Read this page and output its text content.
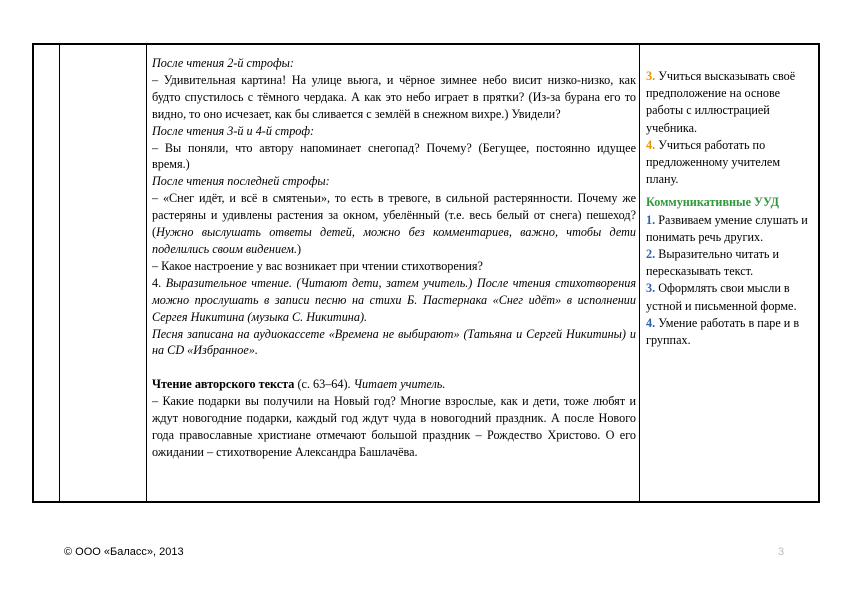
После чтения 2-й строфы:

– Удивительная картина! На улице вьюга, и чёрное зимнее небо висит низко-низко, как будто спустилось с тёмного чердака. А как это небо играет в прятки? (Из-за бурана его то видно, то оно исчезает, как бы сливается с землёй в снежном вихре.) Увидели?

После чтения 3-й и 4-й строф:

– Вы поняли, что автору напоминает снегопад? Почему? (Бегущее, постоянно идущее время.)

После чтения последней строфы:

– «Снег идёт, и всё в смятеньи», то есть в тревоге, в сильной растерянности. Почему же растеряны и удивлены растения за окном, убелённый (т.е. весь белый от снега) пешеход? (Нужно выслушать ответы детей, можно без комментариев, важно, чтобы дети поделились своим видением.)

– Какое настроение у вас возникает при чтении стихотворения?

4. Выразительное чтение. (Читают дети, затем учитель.) После чтения стихотворения можно прослушать в записи песню на стихи Б. Пастернака «Снег идёт» в исполнении Сергея Никитина (музыка С. Никитина).

Песня записана на аудиокассете «Времена не выбирают» (Татьяна и Сергей Никитины) и на CD «Избранное».

Чтение авторского текста (с. 63–64). Читает учитель.

– Какие подарки вы получили на Новый год? Многие взрослые, как и дети, тоже любят и ждут новогодние подарки, каждый год ждут чуда в новогодний праздник. А после Нового года православные христиане отмечают большой праздник – Рождество Христово. О его ожидании – стихотворение Александра Башлачёва.

3. Учиться высказывать своё предположение на основе работы с иллюстрацией учебника.

4. Учиться работать по предложенному учителем плану.

Коммуникативные УУД

1. Развиваем умение слушать и понимать речь других.

2. Выразительно читать и пересказывать текст.

3. Оформлять свои мысли в устной и письменной форме.

4. Умение работать в паре и в группах.

© ООО «Баласс», 2013	3
